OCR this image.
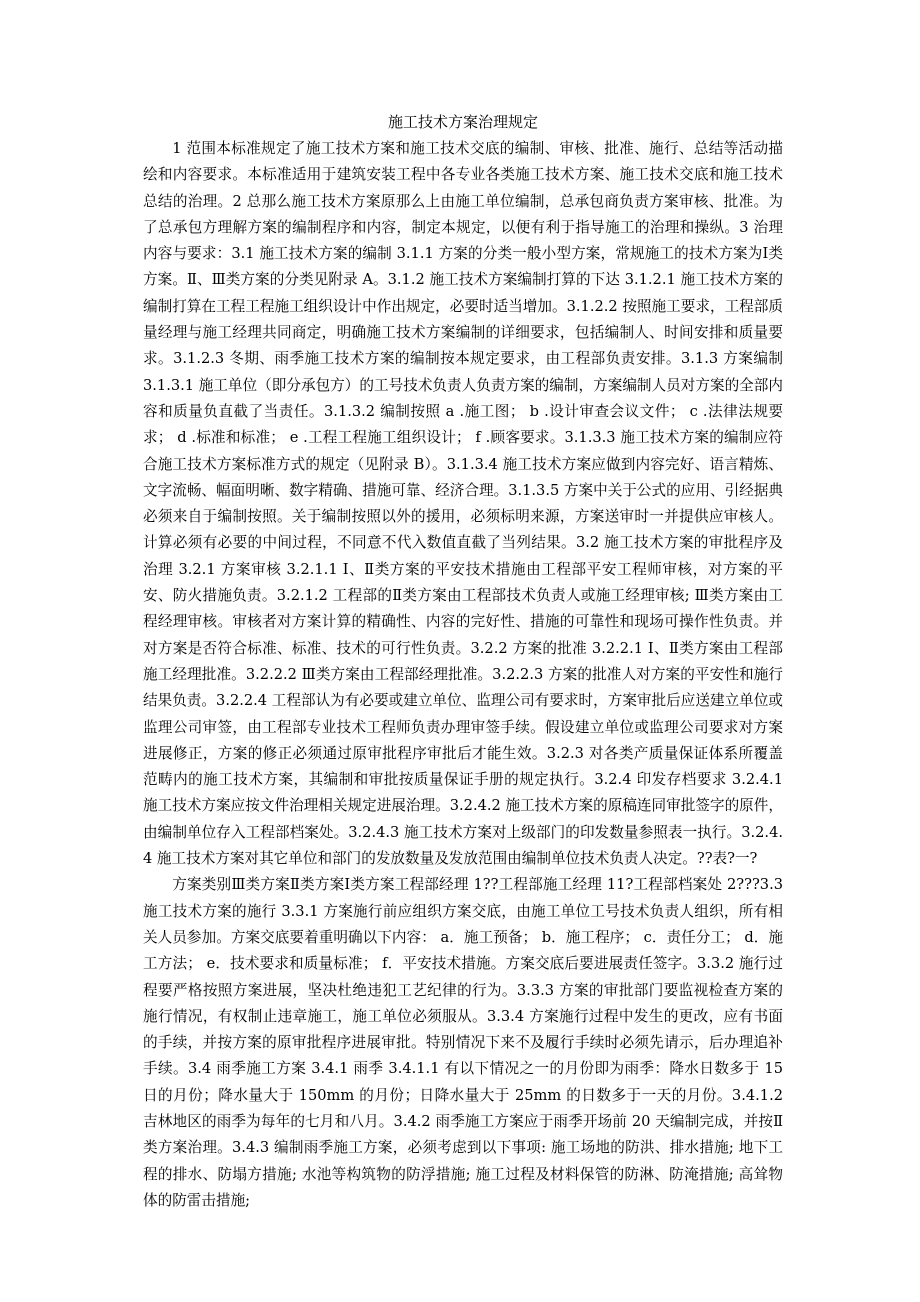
施工技术方案治理规定

1 范围本标准规定了施工技术方案和施工技术交底的编制、审核、批准、施行、总结等活动描绘和内容要求。本标准适用于建筑安装工程中各专业各类施工技术方案、施工技术交底和施工技术总结的治理。2 总那么施工技术方案原那么上由施工单位编制，总承包商负责方案审核、批准。为了总承包方理解方案的编制程序和内容，制定本规定，以便有利于指导施工的治理和操纵。3 治理内容与要求：3.1 施工技术方案的编制 3.1.1 方案的分类一般小型方案，常规施工的技术方案为Ⅰ类方案。Ⅱ、Ⅲ类方案的分类见附录 A。3.1.2 施工技术方案编制打算的下达 3.1.2.1 施工技术方案的编制打算在工程工程施工组织设计中作出规定，必要时适当增加。3.1.2.2 按照施工要求，工程部质量经理与施工经理共同商定，明确施工技术方案编制的详细要求，包括编制人、时间安排和质量要求。3.1.2.3 冬期、雨季施工技术方案的编制按本规定要求，由工程部负责安排。3.1.3 方案编制 3.1.3.1 施工单位（即分承包方）的工号技术负责人负责方案的编制，方案编制人员对方案的全部内容和质量负直截了当责任。3.1.3.2 编制按照 a .施工图； b .设计审查会议文件； c .法律法规要求； d .标准和标准； e .工程工程施工组织设计； f .顾客要求。3.1.3.3 施工技术方案的编制应符合施工技术方案标准方式的规定（见附录 B）。3.1.3.4 施工技术方案应做到内容完好、语言精炼、文字流畅、幅面明晰、数字精确、措施可靠、经济合理。3.1.3.5 方案中关于公式的应用、引经据典必须来自于编制按照。关于编制按照以外的援用，必须标明来源，方案送审时一并提供应审核人。计算必须有必要的中间过程，不同意不代入数值直截了当列结果。3.2 施工技术方案的审批程序及治理 3.2.1 方案审核 3.2.1.1 Ⅰ、Ⅱ类方案的平安技术措施由工程部平安工程师审核，对方案的平安、防火措施负责。3.2.1.2 工程部的Ⅱ类方案由工程部技术负责人或施工经理审核; Ⅲ类方案由工程经理审核。审核者对方案计算的精确性、内容的完好性、措施的可靠性和现场可操作性负责。并对方案是否符合标准、标准、技术的可行性负责。3.2.2 方案的批准 3.2.2.1 Ⅰ、Ⅱ类方案由工程部施工经理批准。3.2.2.2 Ⅲ类方案由工程部经理批准。3.2.2.3 方案的批准人对方案的平安性和施行结果负责。3.2.2.4 工程部认为有必要或建立单位、监理公司有要求时，方案审批后应送建立单位或监理公司审签，由工程部专业技术工程师负责办理审签手续。假设建立单位或监理公司要求对方案进展修正，方案的修正必须通过原审批程序审批后才能生效。3.2.3 对各类产质量保证体系所覆盖范畴内的施工技术方案，其编制和审批按质量保证手册的规定执行。3.2.4 印发存档要求 3.2.4.1 施工技术方案应按文件治理相关规定进展治理。3.2.4.2 施工技术方案的原稿连同审批签字的原件，由编制单位存入工程部档案处。3.2.4.3 施工技术方案对上级部门的印发数量参照表一执行。3.2.4.4 施工技术方案对其它单位和部门的发放数量及发放范围由编制单位技术负责人决定。??表?一?

方案类别Ⅲ类方案Ⅱ类方案Ⅰ类方案工程部经理 1??工程部施工经理 11?工程部档案处 2???3.3 施工技术方案的施行 3.3.1 方案施行前应组织方案交底，由施工单位工号技术负责人组织，所有相关人员参加。方案交底要着重明确以下内容： a．施工预备； b．施工程序； c．责任分工； d．施工方法； e．技术要求和质量标准； f．平安技术措施。方案交底后要进展责任签字。3.3.2 施行过程要严格按照方案进展，坚决杜绝违犯工艺纪律的行为。3.3.3 方案的审批部门要监视检查方案的施行情况，有权制止违章施工，施工单位必须服从。3.3.4 方案施行过程中发生的更改，应有书面的手续，并按方案的原审批程序进展审批。特别情况下来不及履行手续时必须先请示，后办理追补手续。3.4 雨季施工方案 3.4.1 雨季 3.4.1.1 有以下情况之一的月份即为雨季：降水日数多于 15 日的月份；降水量大于 150mm 的月份；日降水量大于 25mm 的日数多于一天的月份。3.4.1.2 吉林地区的雨季为每年的七月和八月。3.4.2 雨季施工方案应于雨季开场前 20 天编制完成，并按Ⅱ类方案治理。3.4.3 编制雨季施工方案，必须考虑到以下事项: 施工场地的防洪、排水措施; 地下工程的排水、防塌方措施; 水池等构筑物的防浮措施; 施工过程及材料保管的防淋、防淹措施; 高耸物体的防雷击措施;
